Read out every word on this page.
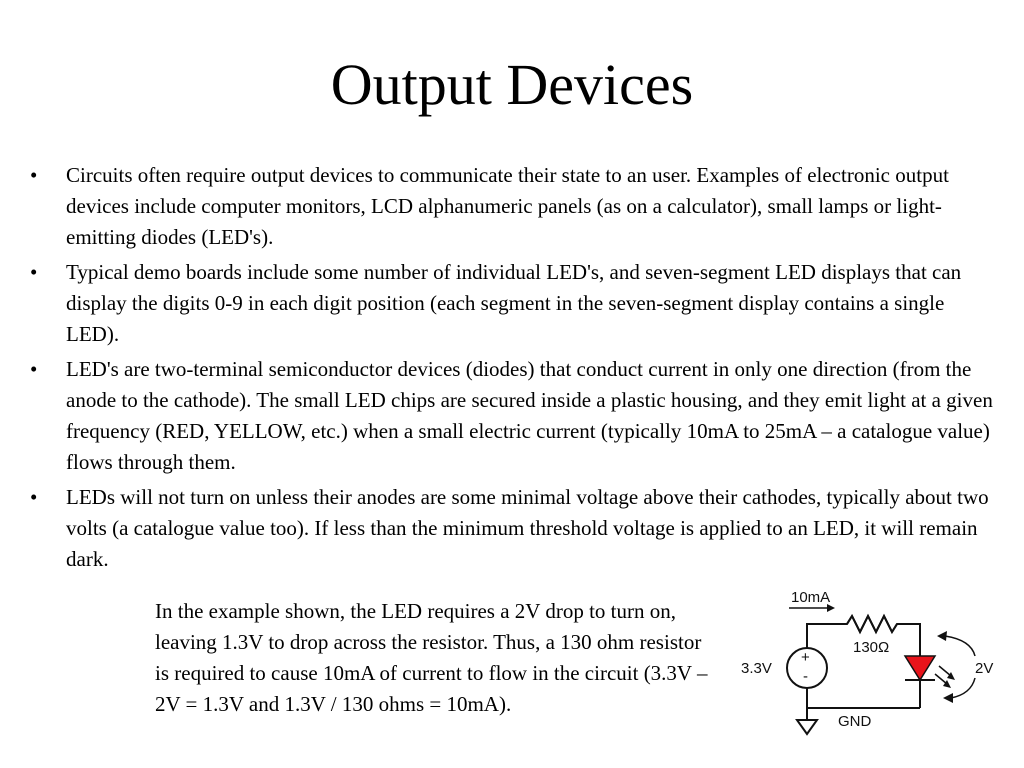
Output Devices
• Circuits often require output devices to communicate their state to an user. Examples of electronic output devices include computer monitors, LCD alphanumeric panels (as on a calculator), small lamps or light-emitting diodes (LED's).
• Typical demo boards include some number of individual LED's, and seven-segment LED displays that can display the digits 0-9 in each digit position (each segment in the seven-segment display contains a single LED).
• LED's are two-terminal semiconductor devices (diodes) that conduct current in only one direction (from the anode to the cathode). The small LED chips are secured inside a plastic housing, and they emit light at a given frequency (RED, YELLOW, etc.) when a small electric current (typically 10mA to 25mA – a catalogue value) flows through them.
• LEDs will not turn on unless their anodes are some minimal voltage above their cathodes, typically about two volts (a catalogue value too). If less than the minimum threshold voltage is applied to an LED, it will remain dark.

In the example shown, the LED requires a 2V drop to turn on, leaving 1.3V to drop across the resistor. Thus, a 130 ohm resistor is required to cause 10mA of current to flow in the circuit (3.3V – 2V = 1.3V and 1.3V / 130 ohms = 10mA).

10mA
130Ω
+
-
3.3V
GND
2V
